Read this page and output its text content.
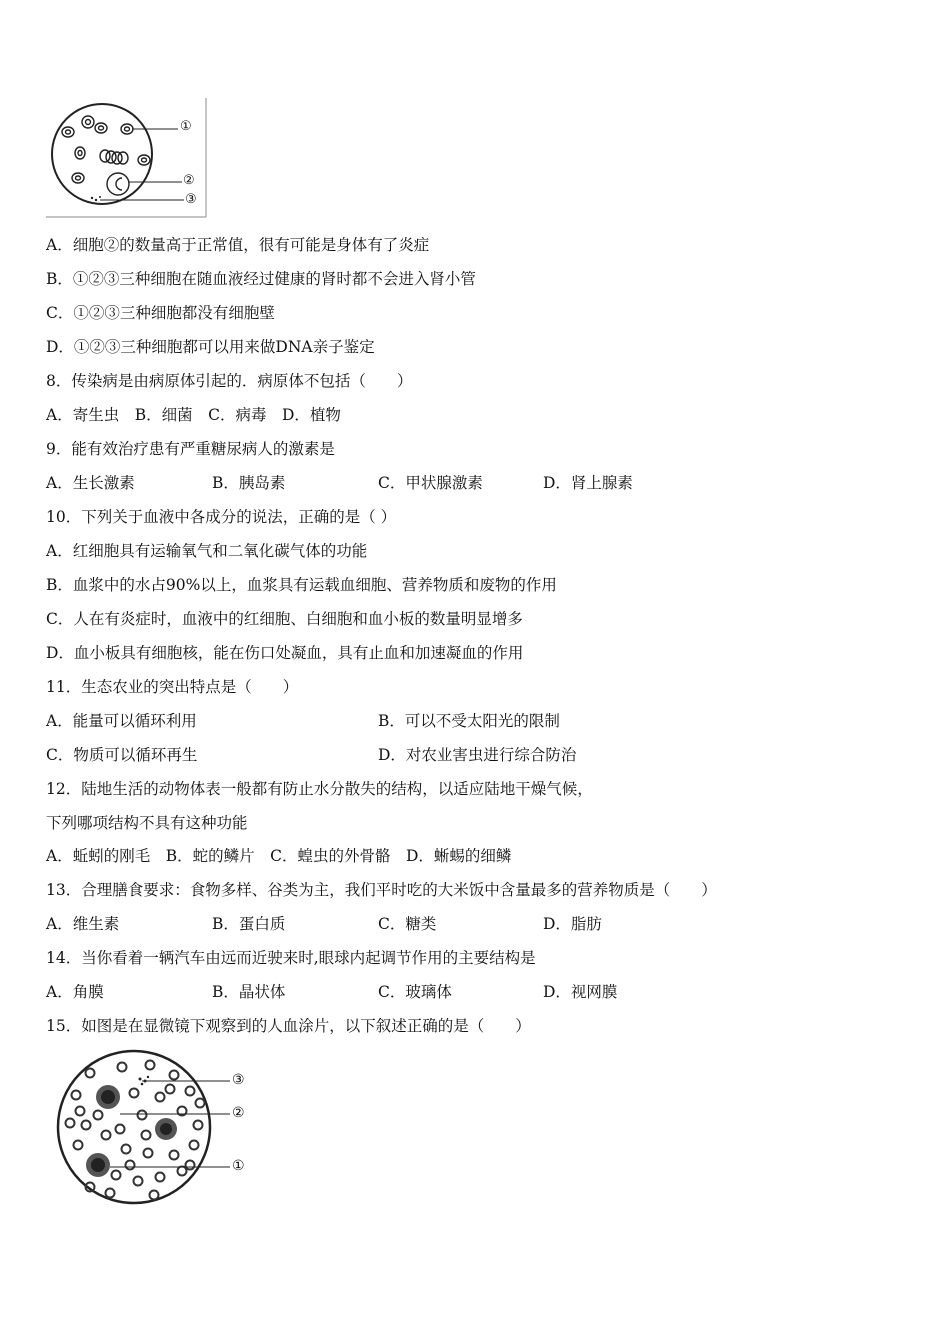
①
②
③
A．细胞②的数量高于正常值，很有可能是身体有了炎症
B．①②③三种细胞在随血液经过健康的肾时都不会进入肾小管
C．①②③三种细胞都没有细胞壁
D．①②③三种细胞都可以用来做DNA亲子鉴定
8．传染病是由病原体引起的．病原体不包括（　　）
A．寄生虫　B．细菌　C．病毒　D．植物
9．能有效治疗患有严重糖尿病人的激素是
A．生长激素	B．胰岛素	C．甲状腺激素	D．肾上腺素
10．下列关于血液中各成分的说法，正确的是（ ）
A．红细胞具有运输氧气和二氧化碳气体的功能
B．血浆中的水占90%以上，血浆具有运载血细胞、营养物质和废物的作用
C．人在有炎症时，血液中的红细胞、白细胞和血小板的数量明显增多
D．血小板具有细胞核，能在伤口处凝血，具有止血和加速凝血的作用
11．生态农业的突出特点是（　　）
A．能量可以循环利用	B．可以不受太阳光的限制
C．物质可以循环再生	D．对农业害虫进行综合防治
12．陆地生活的动物体表一般都有防止水分散失的结构，以适应陆地干燥气候，
下列哪项结构不具有这种功能
A．蚯蚓的刚毛　B．蛇的鳞片　C．蝗虫的外骨骼　D．蜥蜴的细鳞
13．合理膳食要求：食物多样、谷类为主，我们平时吃的大米饭中含量最多的营养物质是（　　）
A．维生素	B．蛋白质	C．糖类	D．脂肪
14．当你看着一辆汽车由远而近驶来时,眼球内起调节作用的主要结构是
A．角膜	B．晶状体	C．玻璃体	D．视网膜
15．如图是在显微镜下观察到的人血涂片，以下叙述正确的是（　　）
③
②
①
